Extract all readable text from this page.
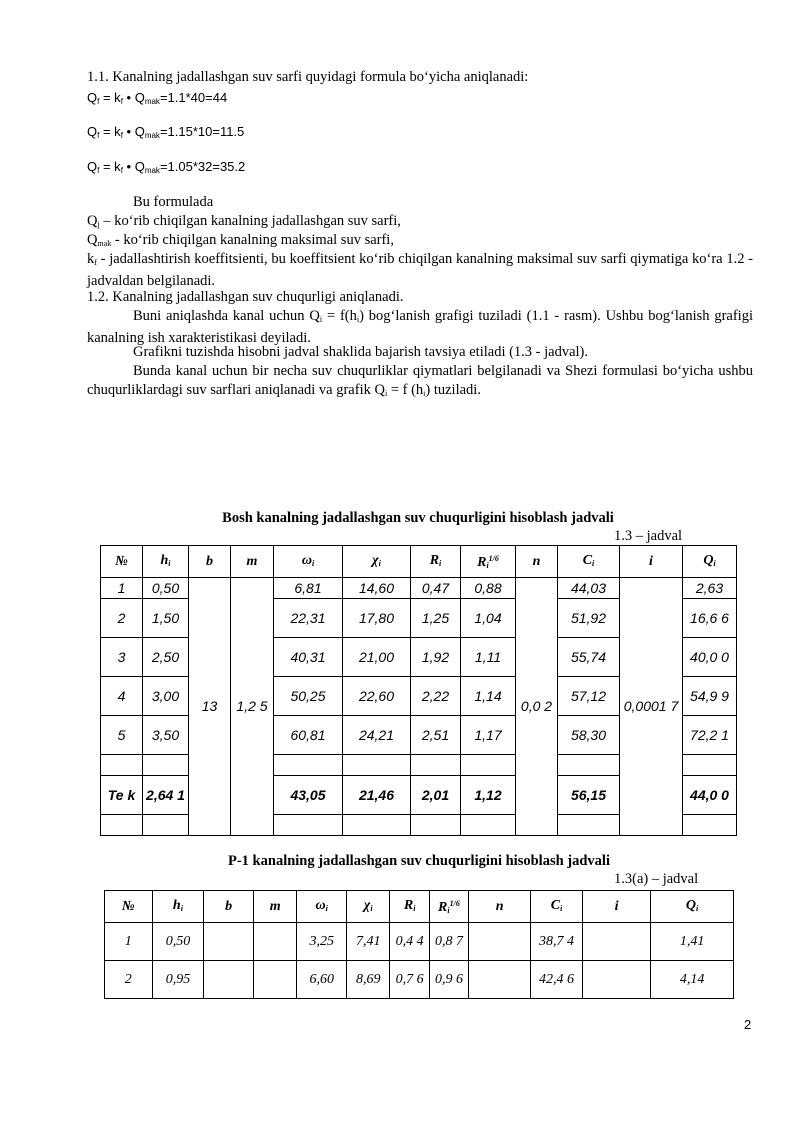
1.1. Kanalning jadallashgan suv sarfi quyidagi formula bo‘yicha aniqlanadi:

$Q_f = k_f$ • $Q_{mak}=1.1*40=44$

$Q_f = k_f$ • $Q_{mak}=1.15*10=11.5$

$Q_f = k_f$ • $Q_{mak}=1.05*32=35.2$

Bu formulada

$Q_j$ – ko‘rib chiqilgan kanalning jadallashgan suv sarfi,

$Q_{mak}$ - ko‘rib chiqilgan kanalning maksimal suv sarfi,

$k_f$ - jadallashtirish koeffitsienti, bu koeffitsient ko‘rib chiqilgan kanalning maksimal suv sarfi qiymatiga ko‘ra 1.2 - jadvaldan belgilanadi.

1.2. Kanalning jadallashgan suv chuqurligi aniqlanadi.

Buni aniqlashda kanal uchun $Q_i = f(h_i)$ bog‘lanish grafigi tuziladi (1.1 - rasm). Ushbu bog‘lanish grafigi kanalning ish xarakteristikasi deyiladi.

Grafikni tuzishda hisobni jadval shaklida bajarish tavsiya etiladi (1.3 - jadval).

Bunda kanal uchun bir necha suv chuqurliklar qiymatlari belgilanadi va Shezi formulasi bo‘yicha ushbu chuqurliklardagi suv sarflari aniqlanadi va grafik $Q_i = f$ $(h_i)$ tuziladi.

Bosh kanalning jadallashgan suv chuqurligini hisoblash jadvali
1.3 – jadval
№	$h_i$	b	m	$\omega_i$	$\chi_i$	$R_i$	$R_i^{1/6}$	n	$C_i$	i	$Q_i$
1	0,50	13	1,2 5	6,81	14,60	0,47	0,88	0,0 2	44,03	0,0001 7	2,63
2	1,50			22,31	17,80	1,25	1,04		51,92		16,6 6
3	2,50			40,31	21,00	1,92	1,11		55,74		40,0 0
4	3,00			50,25	22,60	2,22	1,14		57,12		54,9 9
5	3,50			60,81	24,21	2,51	1,17		58,30		72,2 1

Te k	2,64 1			43,05	21,46	2,01	1,12		56,15		44,0 0

P-1 kanalning jadallashgan suv chuqurligini hisoblash jadvali
1.3(a) – jadval
№	$h_i$	b	m	$\omega_i$	$\chi_i$	$R_i$	$R_i^{1/6}$	n	$C_i$	i	$Q_i$
1	0,50			3,25	7,41	0,4 4	0,8 7		38,7 4		1,41
2	0,95			6,60	8,69	0,7 6	0,9 6		42,4 6		4,14
2
